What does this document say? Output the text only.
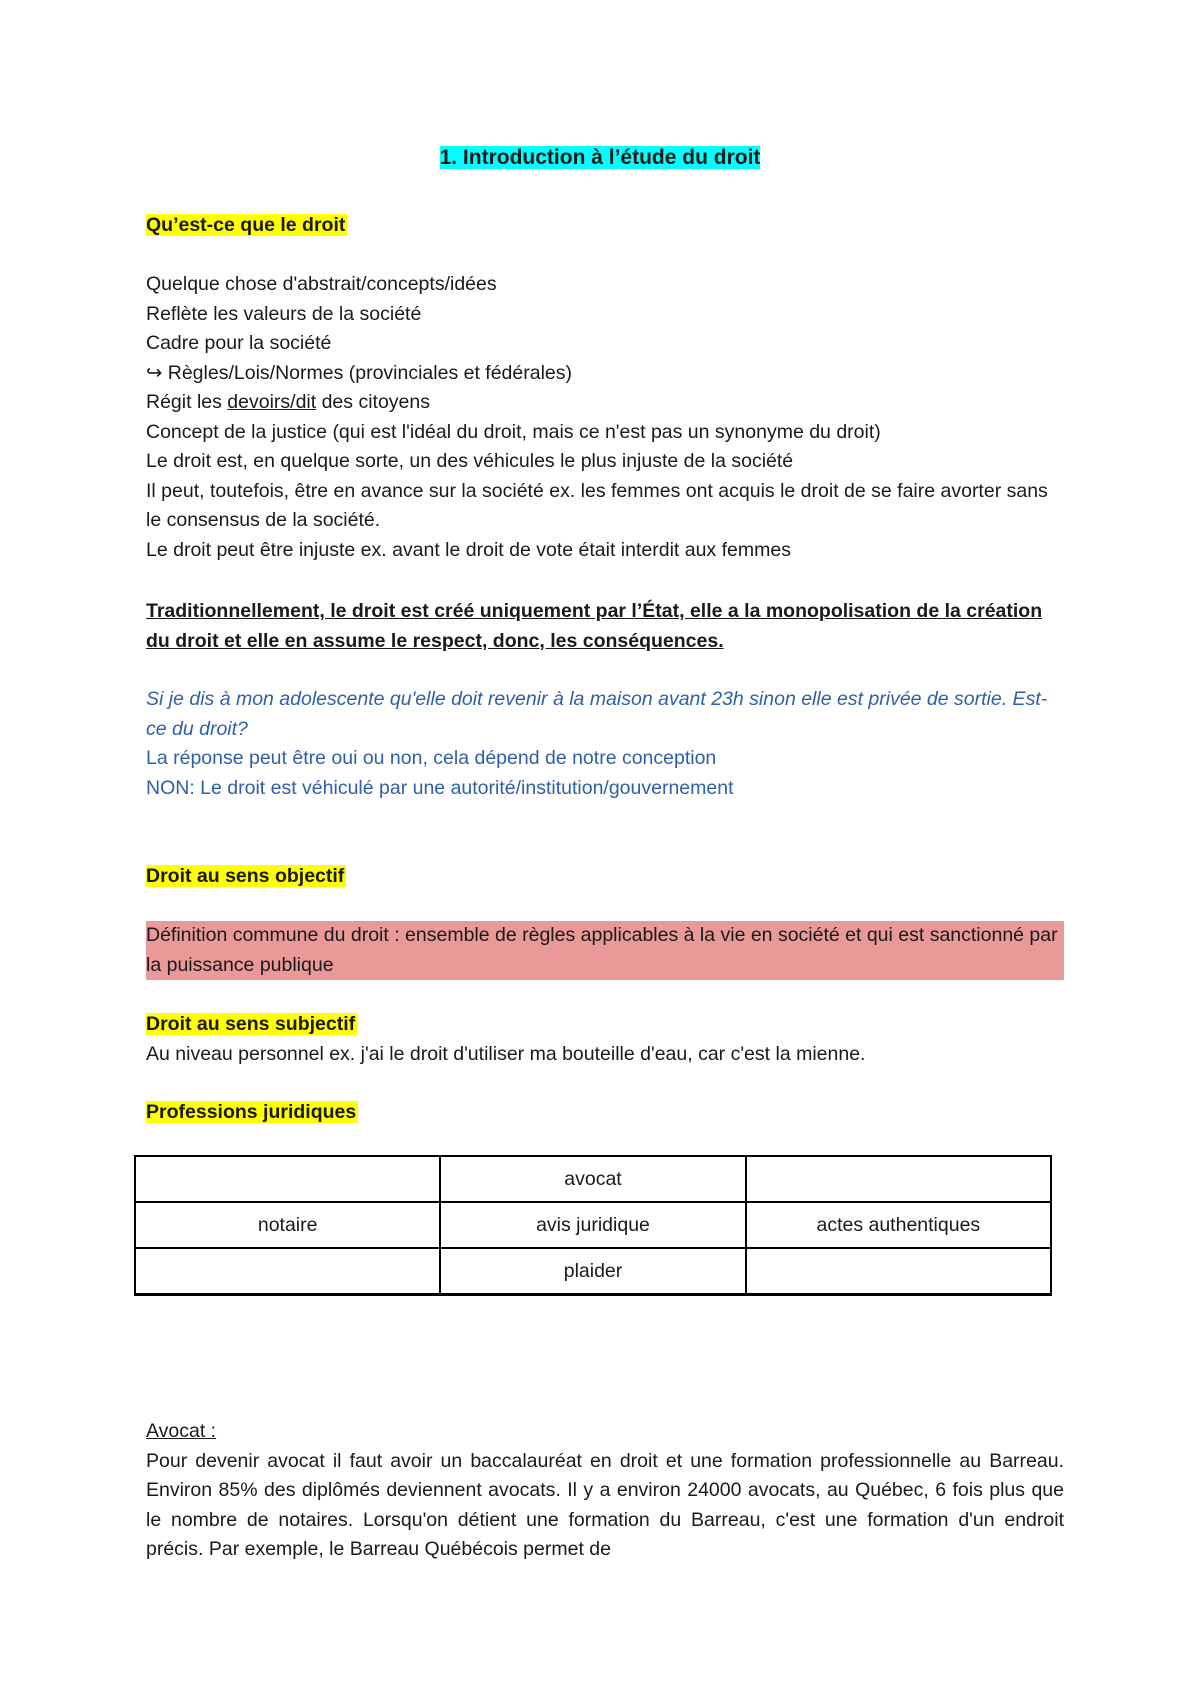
1. Introduction à l’étude du droit

Qu’est-ce que le droit

Quelque chose d'abstrait/concepts/idées

Reflète les valeurs de la société

Cadre pour la société

↪ Règles/Lois/Normes (provinciales et fédérales)

Régit les devoirs/dit des citoyens

Concept de la justice (qui est l'idéal du droit, mais ce n'est pas un synonyme du droit)

Le droit est, en quelque sorte, un des véhicules le plus injuste de la société

Il peut, toutefois, être en avance sur la société ex. les femmes ont acquis le droit de se faire avorter sans le consensus de la société.

Le droit peut être injuste ex. avant le droit de vote était interdit aux femmes

Traditionnellement, le droit est créé uniquement par l’État, elle a la monopolisation de la création du droit et elle en assume le respect, donc, les conséquences.

Si je dis à mon adolescente qu'elle doit revenir à la maison avant 23h sinon elle est privée de sortie. Est-ce du droit?

La réponse peut être oui ou non, cela dépend de notre conception

NON: Le droit est véhiculé par une autorité/institution/gouvernement

Droit au sens objectif

Définition commune du droit : ensemble de règles applicables à la vie en société et qui est sanctionné par la puissance publique

Droit au sens subjectif

Au niveau personnel ex. j'ai le droit d'utiliser ma bouteille d'eau, car c'est la mienne.

Professions juridiques

	avocat	
notaire	avis juridique	actes authentiques
	plaider	

Avocat :

Pour devenir avocat il faut avoir un baccalauréat en droit et une formation professionnelle au Barreau. Environ 85% des diplômés deviennent avocats. Il y a environ 24000 avocats, au Québec, 6 fois plus que le nombre de notaires. Lorsqu'on détient une formation du Barreau, c'est une formation d'un endroit précis. Par exemple, le Barreau Québécois permet de
